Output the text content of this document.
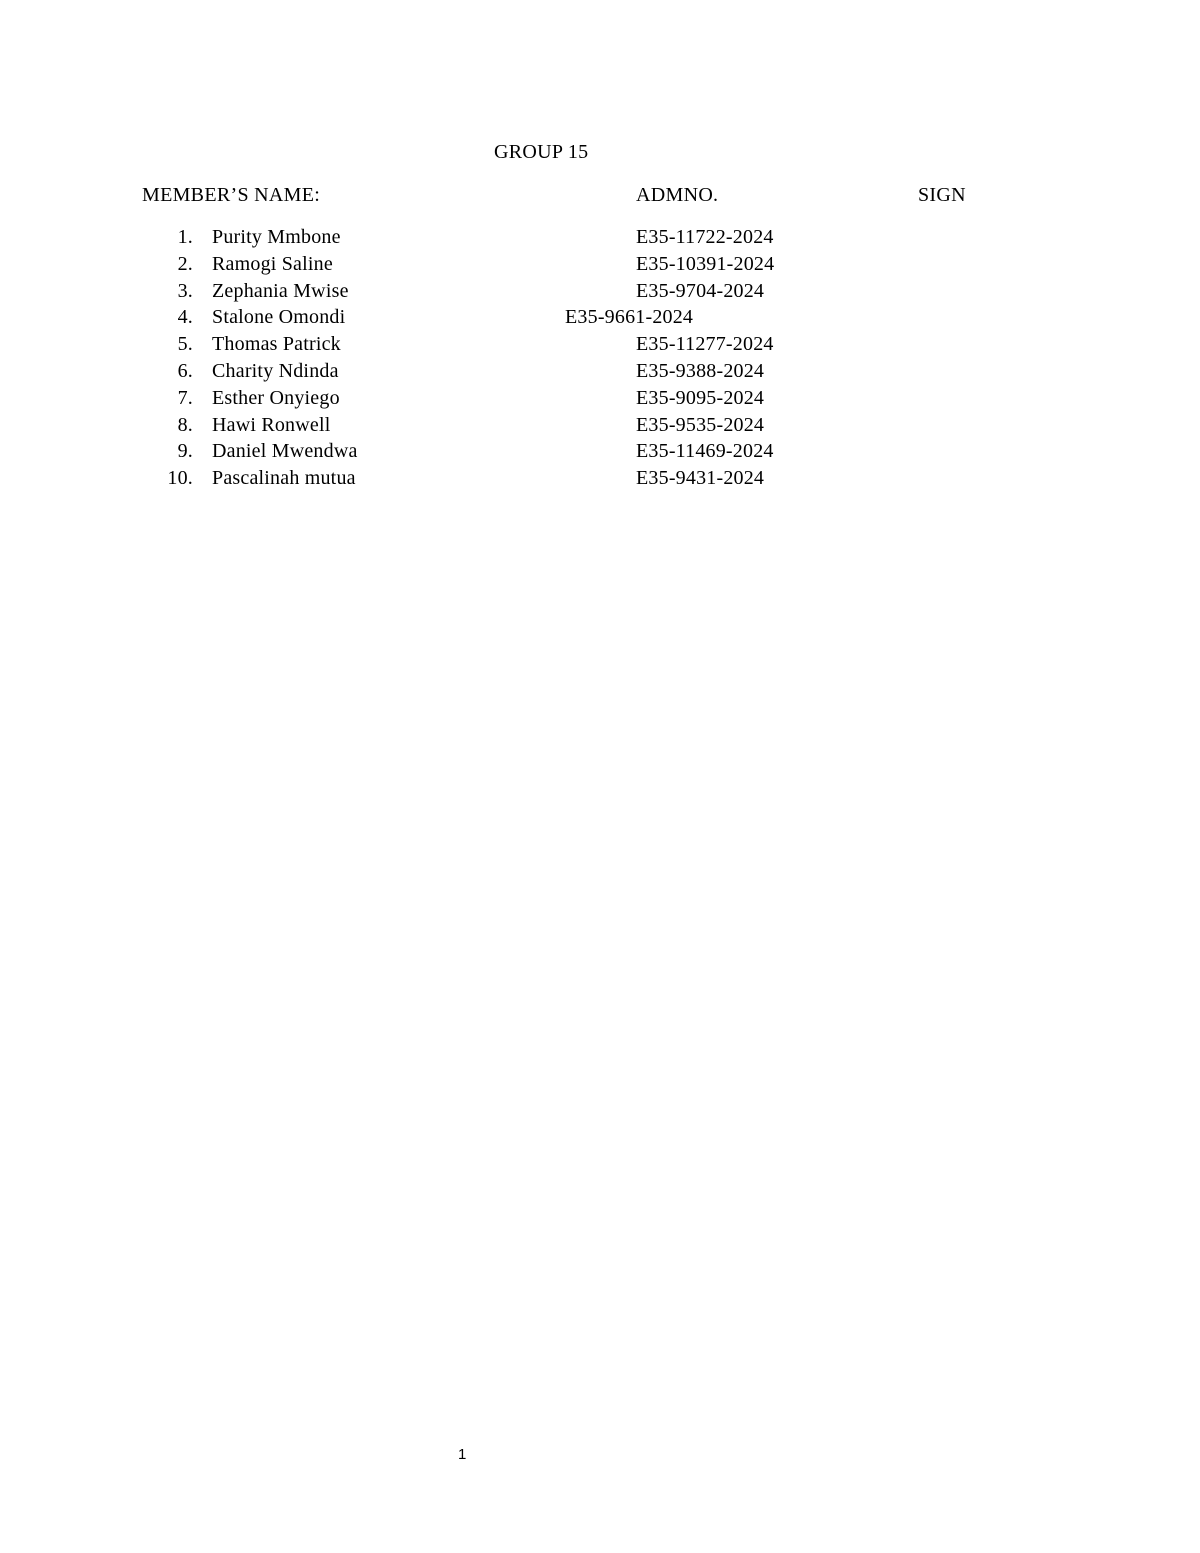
GROUP 15
MEMBER’S NAME:	ADMNO.	SIGN
1. Purity Mmbone	E35-11722-2024
2. Ramogi Saline	E35-10391-2024
3. Zephania Mwise	E35-9704-2024
4. Stalone Omondi	E35-9661-2024
5. Thomas Patrick	E35-11277-2024
6. Charity Ndinda	E35-9388-2024
7. Esther Onyiego	E35-9095-2024
8. Hawi Ronwell	E35-9535-2024
9. Daniel Mwendwa	E35-11469-2024
10. Pascalinah mutua	E35-9431-2024
1
